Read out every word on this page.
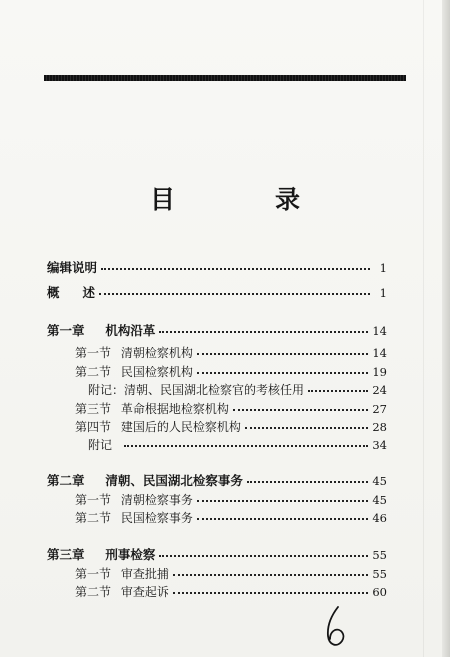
目	录
编辑说明	1
概 述	1
第一章 机构沿革	14
第一节 清朝检察机构	14
第二节 民国检察机构	19
附记：清朝、民国湖北检察官的考核任用	24
第三节 革命根据地检察机构	27
第四节 建国后的人民检察机构	28
附记	34
第二章 清朝、民国湖北检察事务	45
第一节 清朝检察事务	45
第二节 民国检察事务	46
第三章 刑事检察	55
第一节 审查批捕	55
第二节 审查起诉	60
